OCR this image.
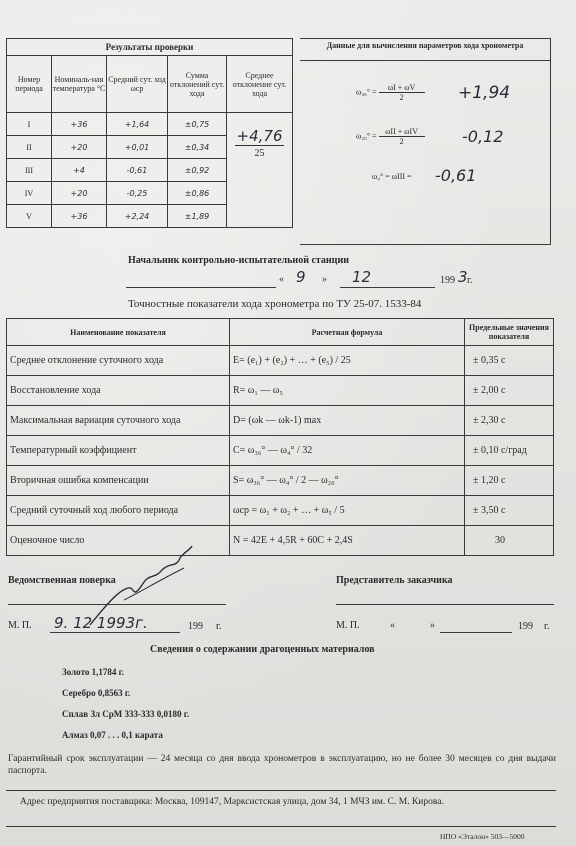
Результаты проверки				
Номер периода	Номиналь-ная температура °С	Средний сут. ход ωср	Сумма отклонений сут. хода	Среднее отклонение сут. хода
I	+36	+1,64	±0,75	+4,76
25

II	+20	+0,01	±0,34	
III	+4	-0,61	±0,92	
IV	+20	-0,25	±0,86	
V	+36	+2,24	±1,89	
Данные для вычисления параметров хода хронометра
$\omega_{36}^\circ = \frac{\omega I + \omega V}{2} +1,94$
$\omega_{20}^\circ = \frac{\text{ωII + ωIV}}{2} -0,12$
ω₄° = ωIII = -0,61
Начальник контрольно-испытательной станции
« 9 » 12	199 3 г.
Точностные показатели хода хронометра по ТУ 25-07. 1533-84
Наименование показателя	Расчетная формула	Предельные значения показателя
Среднее отклонение суточного хода	E= (e₁) + (e₂) + … + (e₅) / 25	± 0,35 с
Восстановление хода	R= ω₁ — ω₅	± 2,00 с
Максимальная вариация суточного хода	D= (ωk — ωk-1) max	± 2,30 с
Температурный коэффициент	C= ω₃₆° — ω₄° / 32	± 0,10 с/град
Вторичная ошибка компенсации	S= ω₃₆° — ω₄° / 2 — ω₂₀°	± 1,20 с
Средний суточный ход любого периода	ωср = ω₁ + ω₂ + … + ω₅ / 5	± 3,50 с
Оценочное число	N = 42E + 4,5R + 60C + 2,4S	30
Ведомственная поверка	Представитель заказчика
М. П. 9. 12 1993г.	199 г.	М. П.	«	»	199 г.
Сведения о содержании драгоценных материалов
Золото 1,1784 г.
Серебро 0,8563 г.
Сплав Зл СрМ 333-333 0,0180 г.
Алмаз 0,07 . . . 0,1 карата
Гарантийный срок эксплуатации — 24 месяца со дня ввода хронометров в эксплуатацию, но не более 30 месяцев со дня выдачи паспорта.
Адрес предприятия поставщика: Москва, 109147, Марксистская улица, дом 34, 1 МЧЗ им. С. М. Кирова.
НПО «Эталон» 503—5000
